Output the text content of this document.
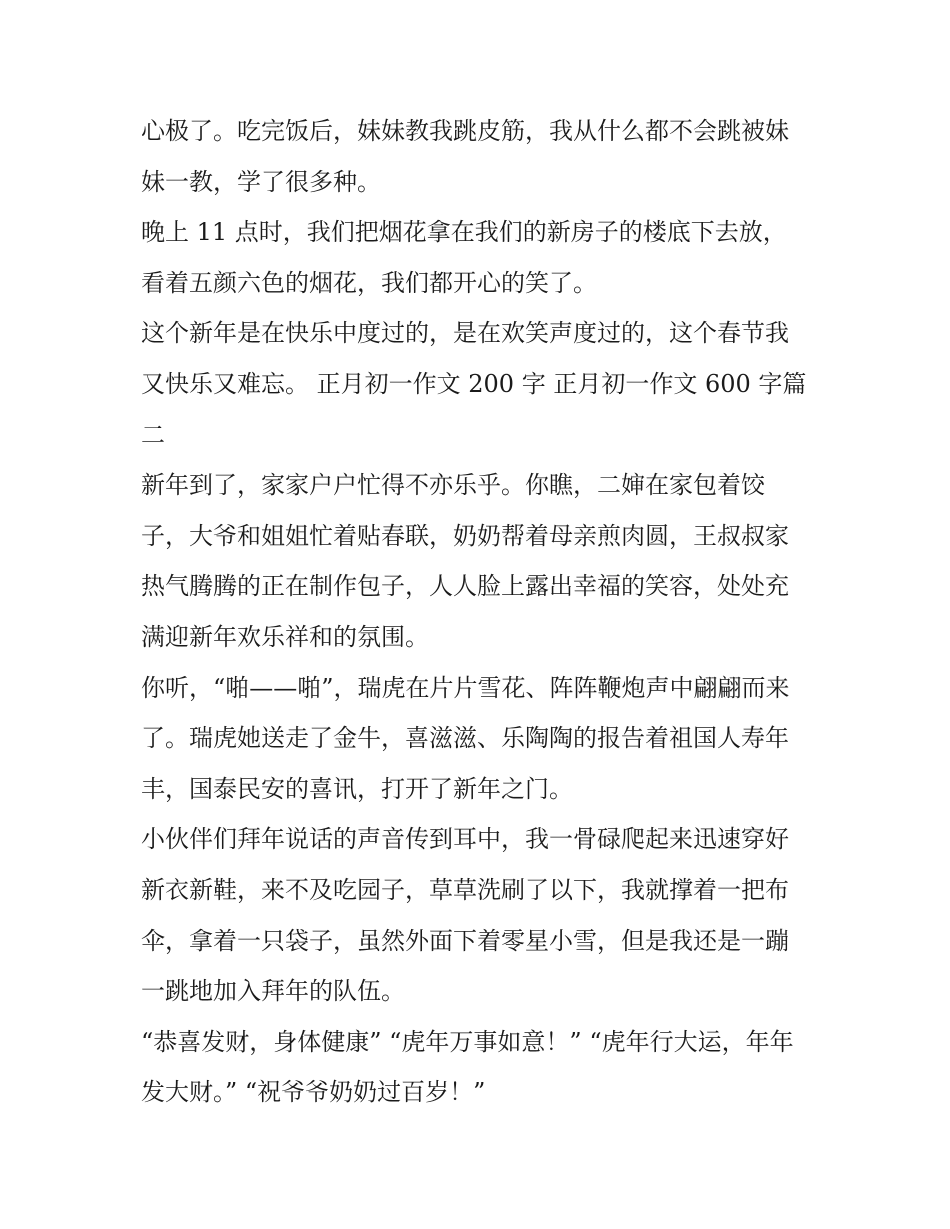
心极了。吃完饭后，妹妹教我跳皮筋，我从什么都不会跳被妹
妹一教，学了很多种。
晚上 11 点时，我们把烟花拿在我们的新房子的楼底下去放，
看着五颜六色的烟花，我们都开心的笑了。
这个新年是在快乐中度过的，是在欢笑声度过的，这个春节我
又快乐又难忘。 正月初一作文 200 字 正月初一作文 600 字篇
二
新年到了，家家户户忙得不亦乐乎。你瞧，二婶在家包着饺
子，大爷和姐姐忙着贴春联，奶奶帮着母亲煎肉圆，王叔叔家
热气腾腾的正在制作包子，人人脸上露出幸福的笑容，处处充
满迎新年欢乐祥和的氛围。
你听，“啪——啪”，瑞虎在片片雪花、阵阵鞭炮声中翩翩而来
了。瑞虎她送走了金牛，喜滋滋、乐陶陶的报告着祖国人寿年
丰，国泰民安的喜讯，打开了新年之门。
小伙伴们拜年说话的声音传到耳中，我一骨碌爬起来迅速穿好
新衣新鞋，来不及吃园子，草草洗刷了以下，我就撑着一把布
伞，拿着一只袋子，虽然外面下着零星小雪，但是我还是一蹦
一跳地加入拜年的队伍。
“恭喜发财，身体健康” “虎年万事如意！” “虎年行大运，年年
发大财。” “祝爷爷奶奶过百岁！”
